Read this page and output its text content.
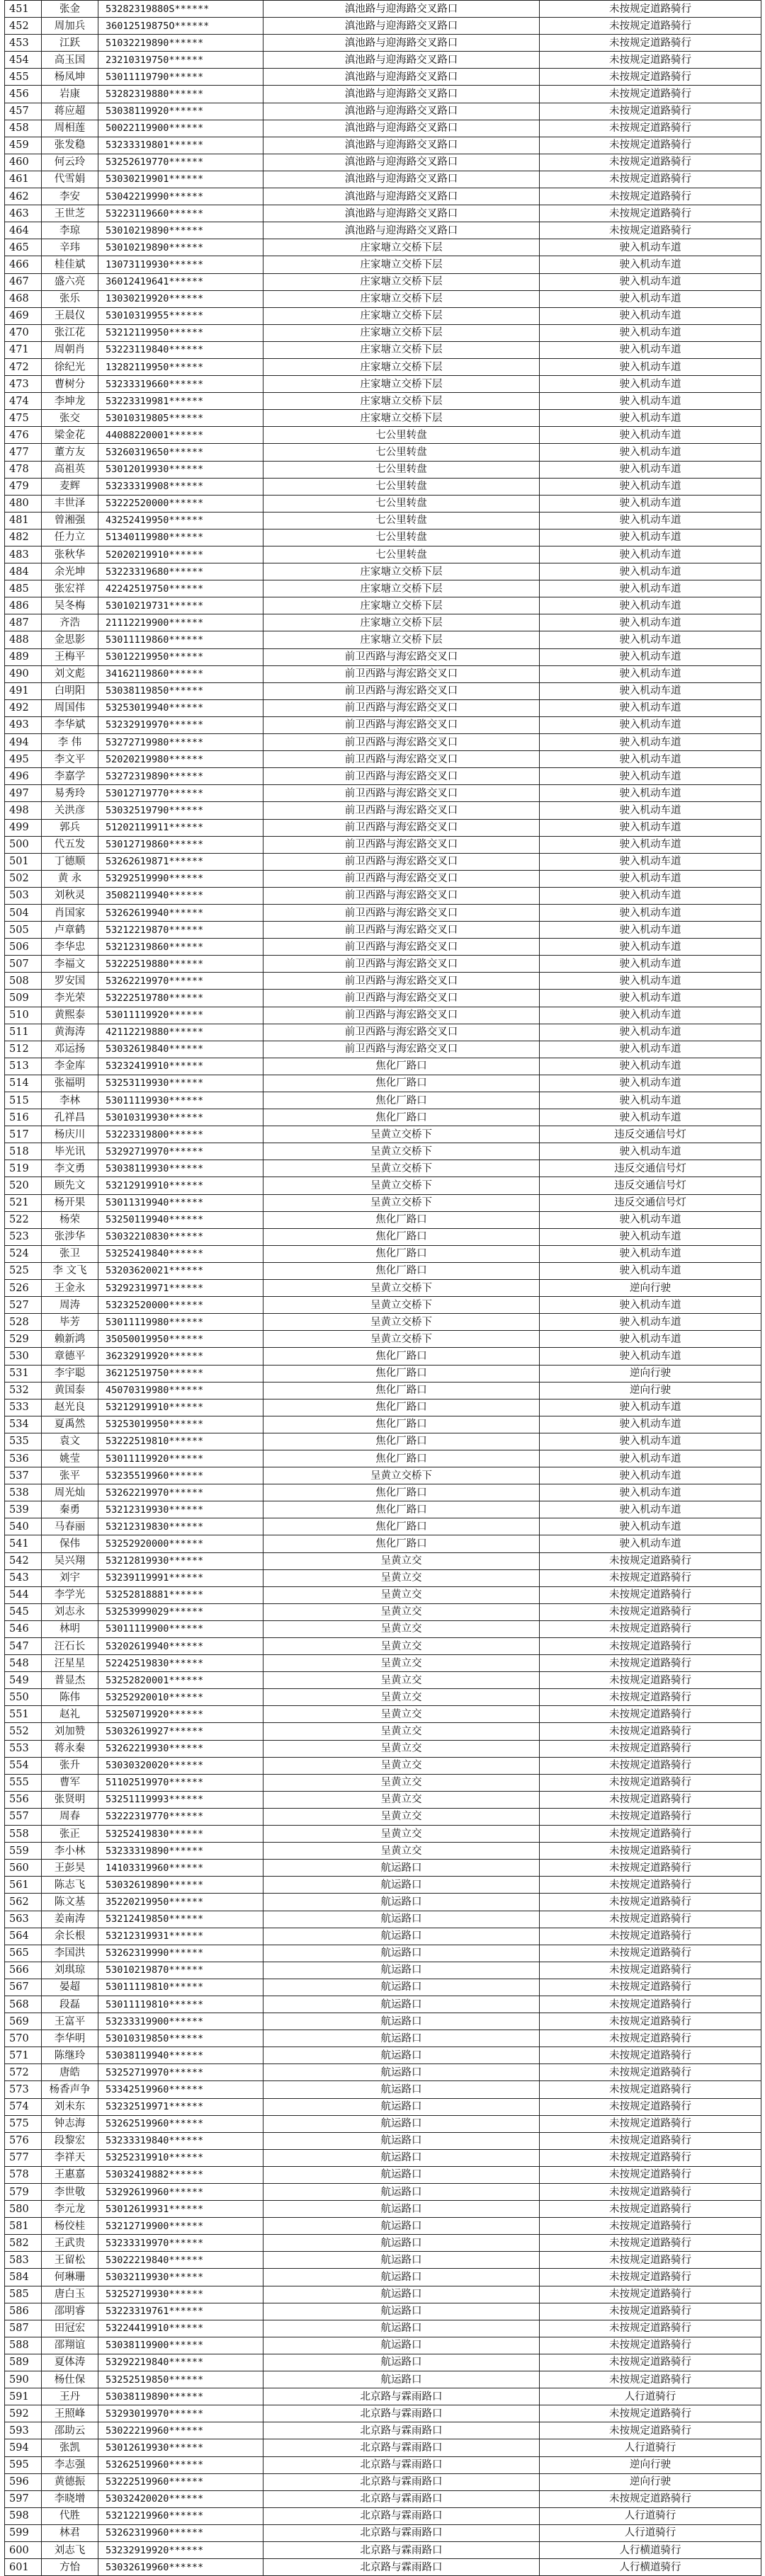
451	张金	53282319880S******	滇池路与迎海路交叉路口	未按规定道路骑行
452	周加兵	36012519875O******	滇池路与迎海路交叉路口	未按规定道路骑行
453	江跃	51032219890******	滇池路与迎海路交叉路口	未按规定道路骑行
454	高玉国	23210319750******	滇池路与迎海路交叉路口	未按规定道路骑行
455	杨凤坤	53011119790******	滇池路与迎海路交叉路口	未按规定道路骑行
456	岩康	53282319880******	滇池路与迎海路交叉路口	未按规定道路骑行
457	蒋应超	53038119920******	滇池路与迎海路交叉路口	未按规定道路骑行
458	周相莲	50022119900******	滇池路与迎海路交叉路口	未按规定道路骑行
459	张发稳	53233319801******	滇池路与迎海路交叉路口	未按规定道路骑行
460	何云玲	53252619770******	滇池路与迎海路交叉路口	未按规定道路骑行
461	代雪娟	53030219901******	滇池路与迎海路交叉路口	未按规定道路骑行
462	李安	53042219990******	滇池路与迎海路交叉路口	未按规定道路骑行
463	王世芝	53223119660******	滇池路与迎海路交叉路口	未按规定道路骑行
464	李琼	53010219890******	滇池路与迎海路交叉路口	未按规定道路骑行
465	辛玮	53010219890******	庄家塘立交桥下层	驶入机动车道
466	桂佳斌	13073119930******	庄家塘立交桥下层	驶入机动车道
467	盛六亮	36012419641******	庄家塘立交桥下层	驶入机动车道
468	张乐	13030219920******	庄家塘立交桥下层	驶入机动车道
469	王晨仪	53010319955******	庄家塘立交桥下层	驶入机动车道
470	张江花	53212119950******	庄家塘立交桥下层	驶入机动车道
471	周朝肖	53223119840******	庄家塘立交桥下层	驶入机动车道
472	徐纪光	13282119950******	庄家塘立交桥下层	驶入机动车道
473	曹树分	53233319660******	庄家塘立交桥下层	驶入机动车道
474	李坤龙	53223319981******	庄家塘立交桥下层	驶入机动车道
475	张交	53010319805******	庄家塘立交桥下层	驶入机动车道
476	梁金花	44088220001******	七公里转盘	驶入机动车道
477	董方友	53260319650******	七公里转盘	驶入机动车道
478	高祖英	53012019930******	七公里转盘	驶入机动车道
479	麦辉	53233319908******	七公里转盘	驶入机动车道
480	丰世泽	53222520000******	七公里转盘	驶入机动车道
481	曾湘强	43252419950******	七公里转盘	驶入机动车道
482	任力立	51340119980******	七公里转盘	驶入机动车道
483	张秋华	52020219910******	七公里转盘	驶入机动车道
484	余光坤	53223319680******	庄家塘立交桥下层	驶入机动车道
485	张宏祥	42242519750******	庄家塘立交桥下层	驶入机动车道
486	吴冬梅	53010219731******	庄家塘立交桥下层	驶入机动车道
487	齐浩	21112219900******	庄家塘立交桥下层	驶入机动车道
488	金思影	53011119860******	庄家塘立交桥下层	驶入机动车道
489	王梅平	53012219950******	前卫西路与海宏路交叉口	驶入机动车道
490	刘文彪	34162119860******	前卫西路与海宏路交叉口	驶入机动车道
491	白明阳	53038119850******	前卫西路与海宏路交叉口	驶入机动车道
492	周国伟	53253019940******	前卫西路与海宏路交叉口	驶入机动车道
493	李华斌	53232919970******	前卫西路与海宏路交叉口	驶入机动车道
494	李 伟	53272719980******	前卫西路与海宏路交叉口	驶入机动车道
495	李文平	52020219980******	前卫西路与海宏路交叉口	驶入机动车道
496	李嘉学	53272319890******	前卫西路与海宏路交叉口	驶入机动车道
497	易秀玲	53012719770******	前卫西路与海宏路交叉口	驶入机动车道
498	关洪彦	53032519790******	前卫西路与海宏路交叉口	驶入机动车道
499	郭兵	51202119911******	前卫西路与海宏路交叉口	驶入机动车道
500	代五发	53012719860******	前卫西路与海宏路交叉口	驶入机动车道
501	丁德顺	53262619871******	前卫西路与海宏路交叉口	驶入机动车道
502	黄 永	53292519990******	前卫西路与海宏路交叉口	驶入机动车道
503	刘秋灵	35082119940******	前卫西路与海宏路交叉口	驶入机动车道
504	肖国家	53262619940******	前卫西路与海宏路交叉口	驶入机动车道
505	卢章鹤	53212219870******	前卫西路与海宏路交叉口	驶入机动车道
506	李华忠	53212319860******	前卫西路与海宏路交叉口	驶入机动车道
507	李福文	53222519880******	前卫西路与海宏路交叉口	驶入机动车道
508	罗安国	53262219970******	前卫西路与海宏路交叉口	驶入机动车道
509	李光荣	53222519780******	前卫西路与海宏路交叉口	驶入机动车道
510	黄熙泰	53011119920******	前卫西路与海宏路交叉口	驶入机动车道
511	黄海涛	42112219880******	前卫西路与海宏路交叉口	驶入机动车道
512	邓运扬	53032619840******	前卫西路与海宏路交叉口	驶入机动车道
513	李金库	53232419910******	焦化厂路口	驶入机动车道
514	张福明	53253119930******	焦化厂路口	驶入机动车道
515	李林	53011119930******	焦化厂路口	驶入机动车道
516	孔祥昌	53010319930******	焦化厂路口	驶入机动车道
517	杨庆川	53223319800******	呈黄立交桥下	违反交通信号灯
518	毕光讯	53292719970******	呈黄立交桥下	驶入机动车道
519	李文勇	53038119930******	呈黄立交桥下	违反交通信号灯
520	顾先文	53212919910******	呈黄立交桥下	违反交通信号灯
521	杨开果	53011319940******	呈黄立交桥下	违反交通信号灯
522	杨荣	53250119940******	焦化厂路口	驶入机动车道
523	张涉华	53032210830******	焦化厂路口	驶入机动车道
524	张卫	53252419840******	焦化厂路口	驶入机动车道
525	李 文飞	53203620021******	焦化厂路口	驶入机动车道
526	王金永	53292319971******	呈黄立交桥下	逆向行驶
527	周涛	53232520000******	呈黄立交桥下	驶入机动车道
528	毕芳	53011119980******	呈黄立交桥下	驶入机动车道
529	赖新鸿	35050019950******	呈黄立交桥下	驶入机动车道
530	章德平	36232919920******	焦化厂路口	驶入机动车道
531	李宇聪	36212519750******	焦化厂路口	逆向行驶
532	黄国泰	45070319980******	焦化厂路口	逆向行驶
533	赵光良	53212919910******	焦化厂路口	驶入机动车道
534	夏禹然	53253019950******	焦化厂路口	驶入机动车道
535	袁文	53222519810******	焦化厂路口	驶入机动车道
536	姚莹	53011119920******	焦化厂路口	驶入机动车道
537	张平	53235519960******	呈黄立交桥下	驶入机动车道
538	周光灿	53262219970******	焦化厂路口	驶入机动车道
539	秦勇	53212319930******	焦化厂路口	驶入机动车道
540	马春丽	53212319830******	焦化厂路口	驶入机动车道
541	保伟	53252920000******	焦化厂路口	驶入机动车道
542	吴兴翔	53212819930******	呈黄立交	未按规定道路骑行
543	刘宇	53239119991******	呈黄立交	未按规定道路骑行
544	李学光	53252818881******	呈黄立交	未按规定道路骑行
545	刘志永	53253999029******	呈黄立交	未按规定道路骑行
546	林明	53011119900******	呈黄立交	未按规定道路骑行
547	汪石长	53202619940******	呈黄立交	未按规定道路骑行
548	汪星星	52242519830******	呈黄立交	未按规定道路骑行
549	普显杰	53252820001******	呈黄立交	未按规定道路骑行
550	陈伟	53252920010******	呈黄立交	未按规定道路骑行
551	赵礼	53250719920******	呈黄立交	未按规定道路骑行
552	刘加赞	53032619927******	呈黄立交	未按规定道路骑行
553	蒋永秦	53262219930******	呈黄立交	未按规定道路骑行
554	张升	53030320020******	呈黄立交	未按规定道路骑行
555	曹军	51102519970******	呈黄立交	未按规定道路骑行
556	张贤明	53251119993******	呈黄立交	未按规定道路骑行
557	周春	53222319770******	呈黄立交	未按规定道路骑行
558	张正	53252419830******	呈黄立交	未按规定道路骑行
559	李小林	53233319890******	呈黄立交	未按规定道路骑行
560	王彭昊	14103319960******	航运路口	未按规定道路骑行
561	陈志飞	53032619890******	航运路口	未按规定道路骑行
562	陈文基	35220219950******	航运路口	未按规定道路骑行
563	姜南涛	53212419850******	航运路口	未按规定道路骑行
564	余长根	53212319931******	航运路口	未按规定道路骑行
565	李国洪	53262319990******	航运路口	未按规定道路骑行
566	刘琪琼	53010219870******	航运路口	未按规定道路骑行
567	晏超	53011119810******	航运路口	未按规定道路骑行
568	段磊	53011119810******	航运路口	未按规定道路骑行
569	王富平	53233319900******	航运路口	未按规定道路骑行
570	李华明	53010319850******	航运路口	未按规定道路骑行
571	陈继玲	53038119940******	航运路口	未按规定道路骑行
572	唐皓	53252719970******	航运路口	未按规定道路骑行
573	杨香声争	53342519960******	航运路口	未按规定道路骑行
574	刘未东	53232519971******	航运路口	未按规定道路骑行
575	钟志海	53262519960******	航运路口	未按规定道路骑行
576	段黎宏	53233319840******	航运路口	未按规定道路骑行
577	李祥天	53252319910******	航运路口	未按规定道路骑行
578	王惠嘉	53032419882******	航运路口	未按规定道路骑行
579	李世敬	53292619960******	航运路口	未按规定道路骑行
580	李元龙	53012619931******	航运路口	未按规定道路骑行
581	杨佼桂	53212719900******	航运路口	未按规定道路骑行
582	王武贵	53233319970******	航运路口	未按规定道路骑行
583	王留松	53022219840******	航运路口	未按规定道路骑行
584	何琳珊	53032119930******	航运路口	未按规定道路骑行
585	唐白玉	53252719930******	航运路口	未按规定道路骑行
586	邵明睿	53223319761******	航运路口	未按规定道路骑行
587	田冠宏	53224419910******	航运路口	未按规定道路骑行
588	邵翔谊	53038119900******	航运路口	未按规定道路骑行
589	夏体涛	53292219840******	航运路口	未按规定道路骑行
590	杨仕保	53252519850******	航运路口	未按规定道路骑行
591	王丹	53038119890******	北京路与霖雨路口	人行道骑行
592	王照峰	53293019970******	北京路与霖雨路口	未按规定道路骑行
593	邵助云	53022219960******	北京路与霖雨路口	未按规定道路骑行
594	张凯	53012619930******	北京路与霖雨路口	人行道骑行
595	李志强	53262519960******	北京路与霖雨路口	逆向行驶
596	黄德振	53222519960******	北京路与霖雨路口	逆向行驶
597	李晓增	53032420020******	北京路与霖雨路口	未按规定道路骑行
598	代胜	53212219960******	北京路与霖雨路口	人行道骑行
599	林君	53262319960******	北京路与霖雨路口	人行道骑行
600	刘志飞	53232919920******	北京路与霖雨路口	人行横道骑行
601	方怡	53032619960******	北京路与霖雨路口	人行横道骑行
